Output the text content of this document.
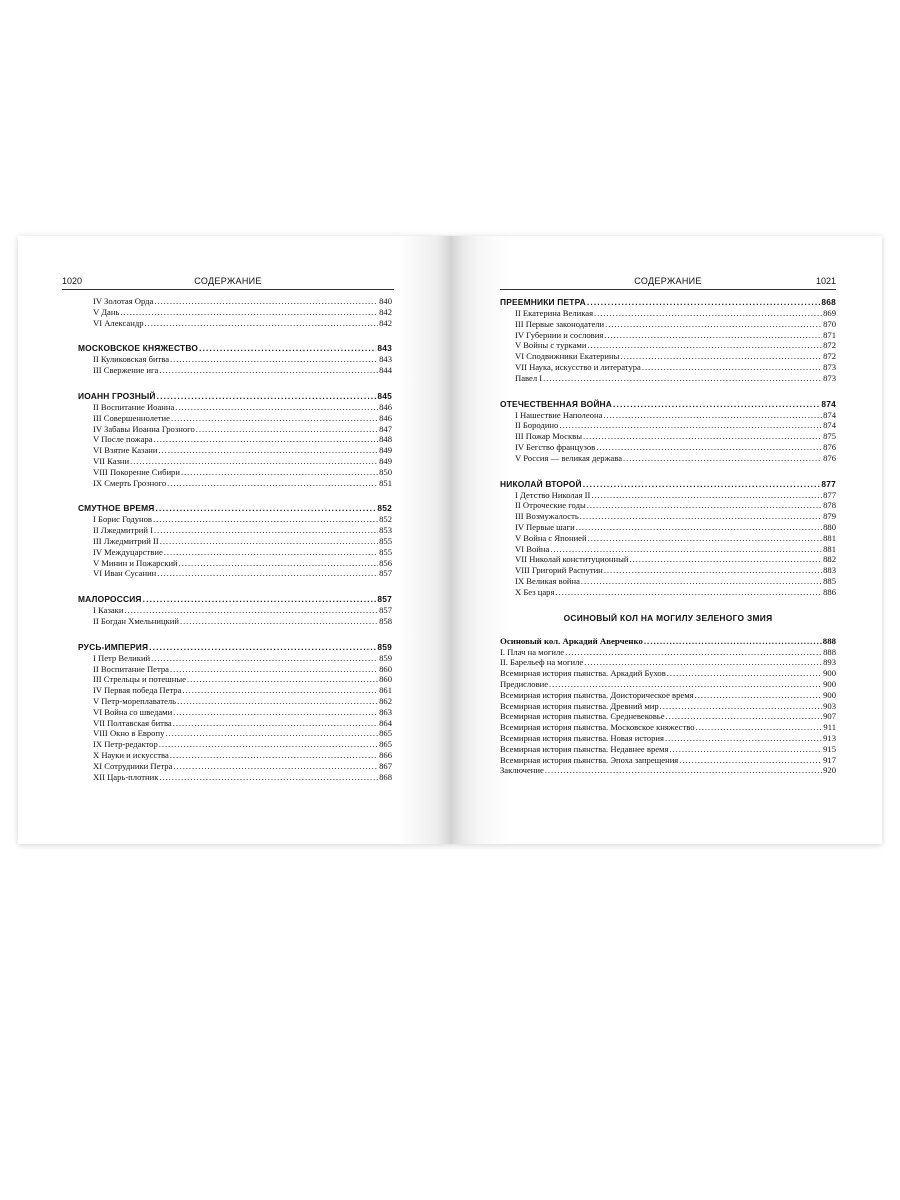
1020	СОДЕРЖАНИЕ
IV Золотая Орда . . .	840
V Дань . . .	842
VI Александр . . .	842
МОСКОВСКОЕ КНЯЖЕСТВО . . .	843
II Куликовская битва . . .	843
III Свержение ига . . .	844
ИОАНН ГРОЗНЫЙ . . .	845
II Воспитание Иоанна . . .	846
III Совершеннолетие . . .	846
IV Забавы Иоанна Грозного . . .	847
V После пожара . . .	848
VI Взятие Казани . . .	849
VII Казни . . .	849
VIII Покорение Сибири . . .	850
IX Смерть Грозного . . .	851
СМУТНОЕ ВРЕМЯ . . .	852
I Борис Годунов . . .	852
II Лжедмитрий I . . .	853
III Лжедмитрий II . . .	855
IV Междуцарствие . . .	855
V Минин и Пожарский . . .	856
VI Иван Сусанин . . .	857
МАЛОРОССИЯ . . .	857
I Казаки . . .	857
II Богдан Хмельницкий . . .	858
РУСЬ-ИМПЕРИЯ . . .	859
I Петр Великий . . .	859
II Воспитание Петра . . .	860
III Стрельцы и потешные . . .	860
IV Первая победа Петра . . .	861
V Петр-мореплаватель . . .	862
VI Война со шведами . . .	863
VII Полтавская битва . . .	864
VIII Окно в Европу . . .	865
IX Петр-редактор . . .	865
X Науки и искусства . . .	866
XI Сотрудники Петра . . .	867
XII Царь-плотник . . .	868
СОДЕРЖАНИЕ	1021
ПРЕЕМНИКИ ПЕТРА . . .	868
II Екатерина Великая . . .	869
III Первые законодатели . . .	870
IV Губернии и сословия . . .	871
V Войны с турками . . .	872
VI Сподвижники Екатерины . . .	872
VII Наука, искусство и литература . . .	873
Павел I . . .	873
ОТЕЧЕСТВЕННАЯ ВОЙНА . . .	874
I Нашествие Наполеона . . .	874
II Бородино . . .	874
III Пожар Москвы . . .	875
IV Бегство французов . . .	876
V Россия — великая держава . . .	876
НИКОЛАЙ ВТОРОЙ . . .	877
I Детство Николая II . . .	877
II Отроческие годы . . .	878
III Возмужалость . . .	879
IV Первые шаги . . .	880
V Война с Японией . . .	881
VI Война . . .	881
VII Николай конституционный . . .	882
VIII Григорий Распутин . . .	883
IX Великая война . . .	885
X Без царя . . .	886
ОСИНОВЫЙ КОЛ НА МОГИЛУ ЗЕЛЕНОГО ЗМИЯ
Осиновый кол. Аркадий Аверченко . . .	888
I. Плач на могиле . . .	888
II. Барельеф на могиле . . .	893
Всемирная история пьянства. Аркадий Бухов . . .	900
Предисловие . . .	900
Всемирная история пьянства. Доисторическое время . . .	900
Всемирная история пьянства. Древний мир . . .	903
Всемирная история пьянства. Средневековье . . .	907
Всемирная история пьянства. Московское княжество . . .	911
Всемирная история пьянства. Новая история . . .	913
Всемирная история пьянства. Недавнее время . . .	915
Всемирная история пьянства. Эпоха запрещения . . .	917
Заключение . . .	920
